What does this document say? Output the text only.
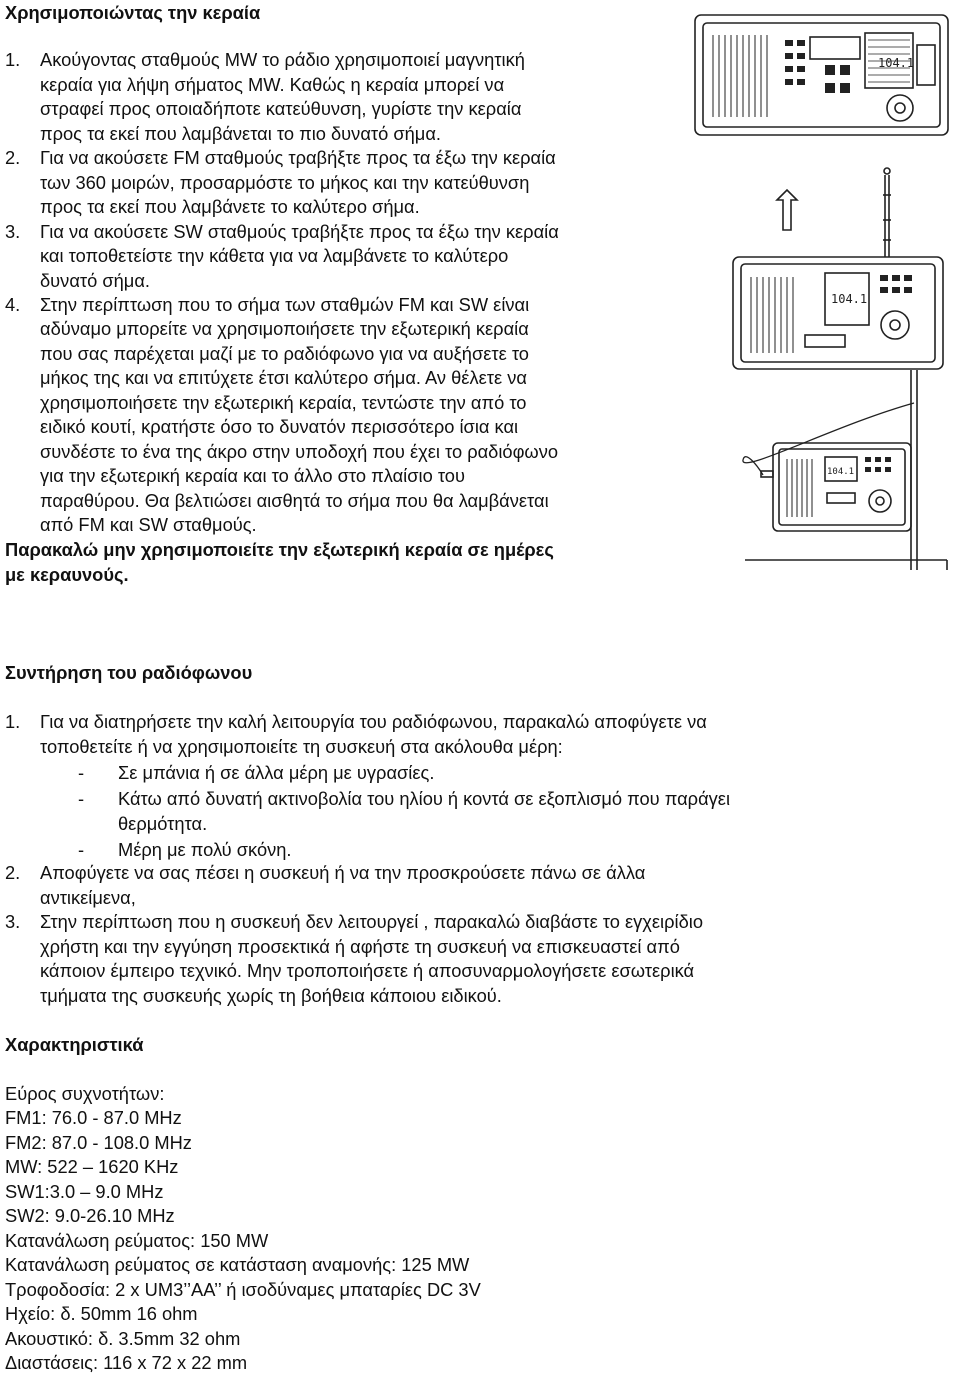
Χρησιμοποιώντας την κεραία
1. Ακούγοντας σταθμούς MW το ράδιο χρησιμοποιεί μαγνητική
κεραία για λήψη σήματος MW. Καθώς η κεραία μπορεί να
στραφεί προς οποιαδήποτε κατεύθυνση, γυρίστε την κεραία
προς τα εκεί που λαμβάνεται το πιο δυνατό σήμα.
2. Για να ακούσετε FM σταθμούς τραβήξτε προς τα έξω την κεραία
των 360 μοιρών, προσαρμόστε το μήκος και την κατεύθυνση
προς τα εκεί που λαμβάνετε το καλύτερο σήμα.
3. Για να ακούσετε SW σταθμούς τραβήξτε προς τα έξω την κεραία
και τοποθετείστε την κάθετα για να λαμβάνετε το καλύτερο
δυνατό σήμα.
4. Στην περίπτωση που το σήμα των σταθμών FM και SW είναι
αδύναμο μπορείτε να χρησιμοποιήσετε την εξωτερική κεραία
που σας παρέχεται μαζί με το ραδιόφωνο για να αυξήσετε το
μήκος της και να επιτύχετε έτσι καλύτερο σήμα. Αν θέλετε να
χρησιμοποιήσετε την εξωτερική κεραία, τεντώστε την από το
ειδικό κουτί, κρατήστε όσο το δυνατόν περισσότερο ίσια και
συνδέστε το ένα της άκρο στην υποδοχή που έχει το ραδιόφωνο
για την εξωτερική κεραία και το άλλο στο πλαίσιο του
παραθύρου. Θα βελτιώσει αισθητά το σήμα που θα λαμβάνεται
από FM και SW σταθμούς.
Παρακαλώ μην χρησιμοποιείτε την εξωτερική κεραία σε ημέρες
με κεραυνούς.
104.1
104.1
104.1
Συντήρηση του ραδιόφωνου
1. Για να διατηρήσετε την καλή λειτουργία του ραδιόφωνου, παρακαλώ αποφύγετε να
τοποθετείτε ή να χρησιμοποιείτε τη συσκευή στα ακόλουθα μέρη:
- Σε μπάνια ή σε άλλα μέρη με υγρασίες.
- Κάτω από δυνατή ακτινοβολία του ηλίου ή κοντά σε εξοπλισμό που παράγει
θερμότητα.
- Μέρη με πολύ σκόνη.
2. Αποφύγετε να σας πέσει η συσκευή ή να την προσκρούσετε πάνω σε άλλα
αντικείμενα,
3. Στην περίπτωση που η συσκευή δεν λειτουργεί , παρακαλώ διαβάστε το εγχειρίδιο
χρήστη και την εγγύηση προσεκτικά ή αφήστε τη συσκευή να επισκευαστεί από
κάποιον έμπειρο τεχνικό. Μην τροποποιήσετε ή αποσυναρμολογήσετε εσωτερικά
τμήματα της συσκευής χωρίς τη βοήθεια κάποιου ειδικού.
Χαρακτηριστικά
Εύρος συχνοτήτων:
FM1: 76.0 - 87.0 MHz
FM2: 87.0 - 108.0 MHz
MW: 522 – 1620 KHz
SW1:3.0 – 9.0 MHz
SW2: 9.0-26.10 MHz
Κατανάλωση ρεύματος: 150 MW
Κατανάλωση ρεύματος σε κατάσταση αναμονής: 125 MW
Τροφοδοσία: 2 x UM3’’AA’’ ή ισοδύναμες μπαταρίες DC 3V
Ηχείο: δ. 50mm 16 ohm
Ακουστικό: δ. 3.5mm 32 ohm
Διαστάσεις: 116 x 72 x 22 mm
